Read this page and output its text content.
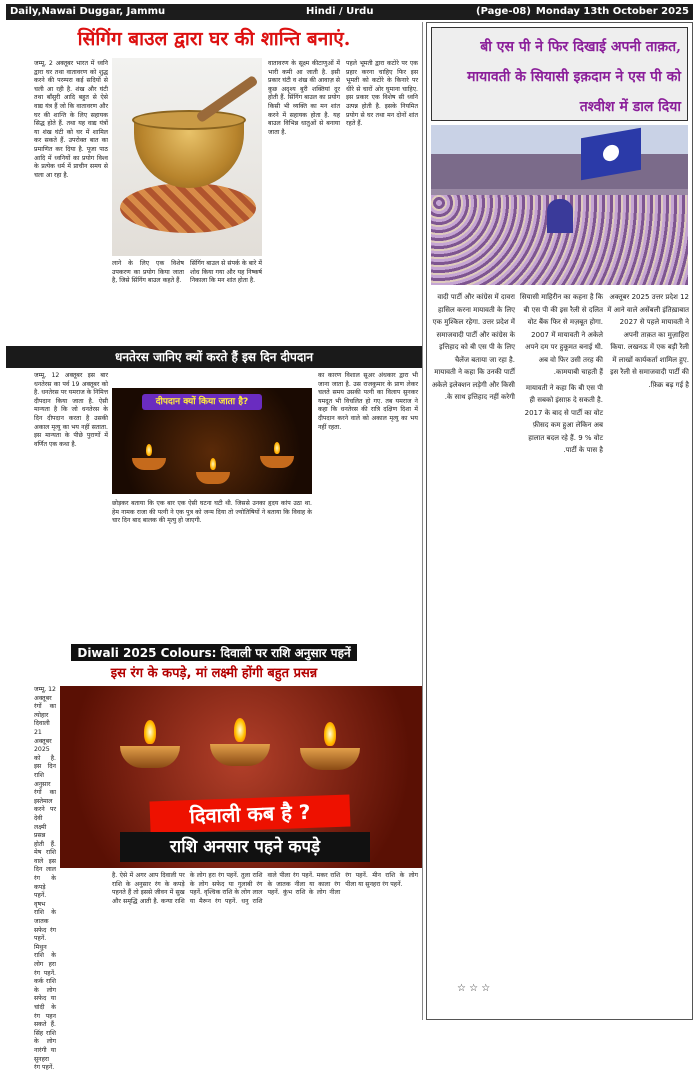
Daily,Nawai Duggar, Jammu	Hindi / Urdu	(Page-08) Monday 13th October 2025
सिंगिंग बाउल द्वारा घर की शान्ति बनाएं.
जम्मू, 2 अक्तूबर भारत में ध्वनि द्वारा घर तथा वातावरण को शुद्ध करने की परम्परा कई सदियों से चली आ रही है. शंख और घंटी तथा बाँसुरी आदि बहुत से ऐसे वाद्य यंत्र हैं जो कि वातावरण और घर की शान्ति के लिए सहायक सिद्ध होते हैं. तथा यह वाद्य यंत्रों या शंख घंटी को घर में शामिल कर सकते हैं. उपरोक्त बात का प्रमाणित कर दिया है. पूजा पाठ आदि में ध्वनियों का प्रयोग विश्व के प्रत्येक धर्म में प्राचीन समय से चला आ रहा है.
लाने के लिए एक विशेष उपकरण का प्रयोग किया जाता है, जिसे सिंगिंग बाउल कहते हैं.
सिंगिंग बाउल से संपर्क के बारे में शोध किया गया और यह निष्कर्ष निकाला कि मन शांत होता है.
वातावरण के सूक्ष्म कीटाणुओं में भारी कमी आ जाती है. इसी प्रकार घंटी व शंख की आवाज़ से कुछ अदृश्य बुरी शक्तियां दूर होती हैं. सिंगिंग बाउल का प्रयोग किसी भी व्यक्ति का मन शांत करने में सहायक होता है. यह बाउल विभिन्न धातुओं से बनाया जाता है.
पहले भूमती द्वारा कटोरे पर एक प्रहार करना चाहिए फिर इस भूमती को कटोरे के किनारे पर धीरे से चारों ओर घुमाना चाहिए. इस प्रकार एक विशेष सी ध्वनि उत्पन्न होती है. इसके नियमित प्रयोग से घर तथा मन दोनों शांत रहते हैं.
धनतेरस जानिए क्यों करते हैं इस दिन दीपदान
जम्मू, 12 अक्तूबर इस बार धनतेरस का पर्व 19 अक्तूबर को है. धनतेरस पर यमराज के निमित्त दीपदान किया जाता है. ऐसी मान्यता है कि जो धनतेरस के दिन दीपदान करता है उसकी अकाल मृत्यु का भय नहीं सताता. इस मान्यता के पीछे पुराणों में वर्णित एक कथा है.
दीपदान क्यों किया जाता है?
का कारण विशाल सूअर अंधकार द्वारा भी जाना जाता है. उस राजकुमार के प्राण लेकर चलते समय उसकी पत्नी का विलाप सुनकर यमदूत भी विचलित हो गए. तब यमराज ने कहा कि धनतेरस की रात्रि दक्षिण दिशा में दीपदान करने वाले को अकाल मृत्यु का भय नहीं रहता.
छोड़कर बताया कि एक बार एक ऐसी घटना घटी थी. जिससे उनका हृदय कांप उठा था. हेम नामक राजा की पत्नी ने एक पुत्र को जन्म दिया तो ज्योतिषियों ने बताया कि विवाह के चार दिन बाद बालक की मृत्यु हो जाएगी.
Diwali 2025 Colours: दिवाली पर राशि अनुसार पहनें
इस रंग के कपड़े, मां लक्ष्मी होंगी बहुत प्रसन्न
जम्मू, 12 अक्तूबर रंगों का त्योहार दिवाली 21 अक्तूबर 2025 को है. इस दिन राशि अनुसार रंगों का इस्तेमाल करने पर देवी लक्ष्मी प्रसन्न होती हैं. मेष राशि वाले इस दिन लाल रंग के कपड़े पहनें. वृषभ राशि के जातक सफेद रंग पहनें. मिथुन राशि के लोग हरा रंग पहनें. कर्क राशि के लोग सफेद या चांदी के रंग पहन सकते हैं. सिंह राशि के लोग नारंगी या सुनहरा रंग पहनें.
दिवाली कब है ?
राशि अनसार पहने कपड़े
है. ऐसे में अगर आप दिवाली पर राशि के अनुसार रंग के कपड़े पहनते हैं तो इससे जीवन में सुख और समृद्धि आती है. कन्या राशि के लोग हरा रंग पहनें. तुला राशि के लोग सफेद या गुलाबी रंग पहनें. वृश्चिक राशि के लोग लाल या मैरून रंग पहनें. धनु राशि वाले पीला रंग पहनें. मकर राशि के जातक नीला या काला रंग पहनें. कुंभ राशि के लोग नीला रंग पहनें. मीन राशि के लोग पीला या सुनहरा रंग पहनें.
बी एस पी ने फिर दिखाई अपनी ताक़त, मायावती के सियासी इक़दाम ने एस पी को तश्वीश में डाल दिया

वादी पार्टी और कांग्रेस में दावरा हासिल करना मायावती के लिए एक मुश्किल रहेगा. उत्तर प्रदेश में समाजवादी पार्टी और कांग्रेस के इत्तिहाद को बी एस पी के लिए चैलेंज बताया जा रहा है. मायावती ने कहा कि उनकी पार्टी अकेले इलेक्शन लड़ेगी और किसी के साथ इत्तिहाद नहीं करेगी.

सियासी माहिरीन का कहना है कि बी एस पी की इस रैली से दलित वोट बैंक फिर से मज़बूत होगा. 2007 में मायावती ने अकेले अपने दम पर हुकूमत बनाई थी. अब वो फिर उसी तरह की कामयाबी चाहती हैं.

मायावती ने कहा कि बी एस पी ही सबको इंसाफ़ दे सकती है. 2017 के बाद से पार्टी का वोट फ़ीसद कम हुआ लेकिन अब हालात बदल रहे हैं. 9 % वोट पार्टी के पास है.

12 अक्तूबर 2025 उत्तर प्रदेश में आने वाले असेंबली इंतिख़ाबात 2027 से पहले मायावती ने अपनी ताक़त का मुज़ाहिरा किया. लखनऊ में एक बड़ी रैली में लाखों कार्यकर्ता शामिल हुए. इस रैली से समाजवादी पार्टी की फ़िक्र बढ़ गई है.

☆ ☆ ☆
